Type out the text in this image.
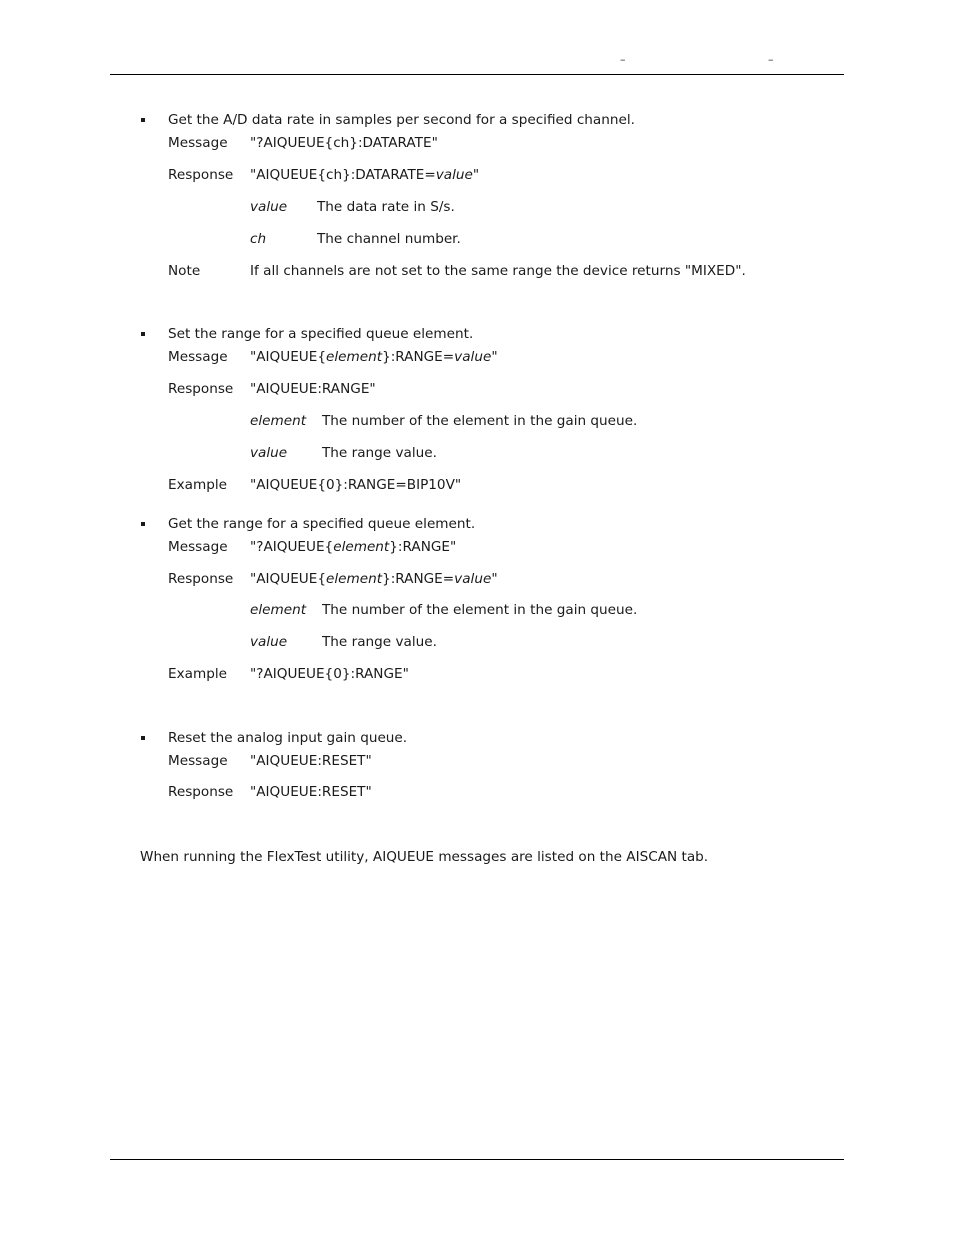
–	–
Get the A/D data rate in samples per second for a specified channel.
Message "?AIQUEUE{ch}:DATARATE"
Response "AIQUEUE{ch}:DATARATE=value"
value The data rate in S/s.
ch	The channel number.
Note	If all channels are not set to the same range the device returns "MIXED".
Set the range for a specified queue element.
Message "AIQUEUE{element}:RANGE=value"
Response "AIQUEUE:RANGE"
element The number of the element in the gain queue.
value	The range value.
Example "AIQUEUE{0}:RANGE=BIP10V"
Get the range for a specified queue element.
Message "?AIQUEUE{element}:RANGE"
Response "AIQUEUE{element}:RANGE=value"
element The number of the element in the gain queue.
value	The range value.
Example "?AIQUEUE{0}:RANGE"
Reset the analog input gain queue.
Message "AIQUEUE:RESET"
Response "AIQUEUE:RESET"
When running the FlexTest utility, AIQUEUE messages are listed on the AISCAN tab.
